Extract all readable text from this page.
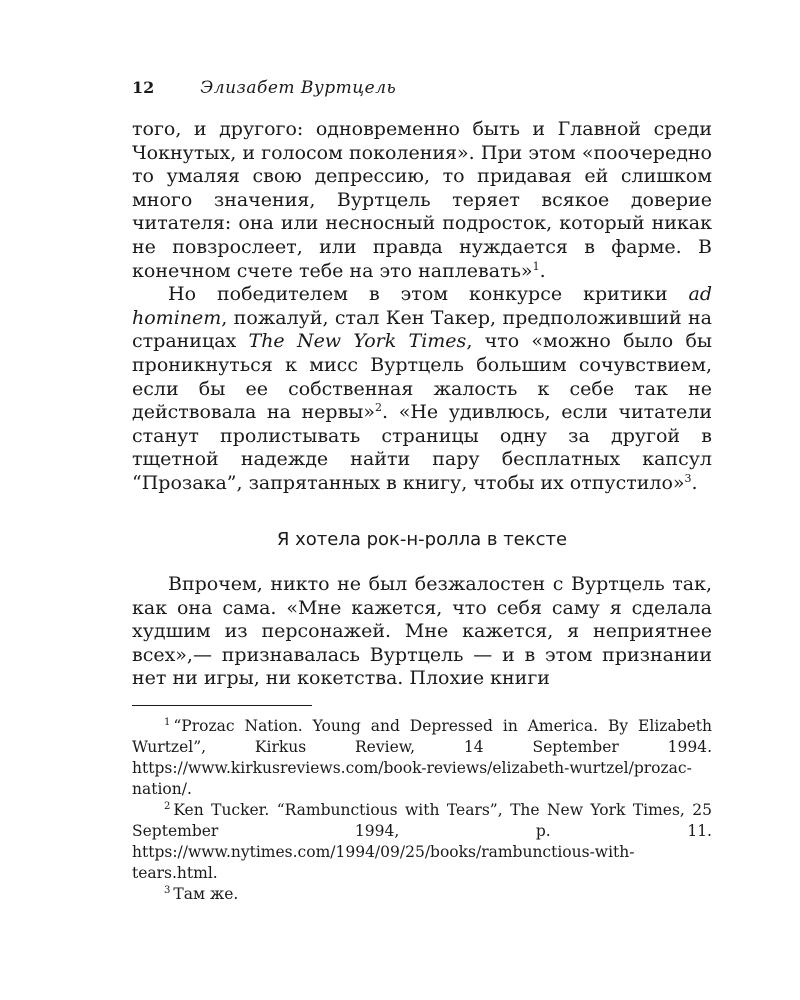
12	Элизабет Вуртцель

того, и другого: одновременно быть и Главной среди Чокнутых, и голосом поколения». При этом «поочередно то умаляя свою депрессию, то придавая ей слишком много значения, Вуртцель теряет всякое доверие читателя: она или несносный подросток, который никак не повзрослеет, или правда нуждается в фарме. В конечном счете тебе на это наплевать»$^1$.

Но победителем в этом конкурсе критики ad hominem, пожалуй, стал Кен Такер, предположивший на страницах The New York Times, что «можно было бы проникнуться к мисс Вуртцель большим сочувствием, если бы ее собственная жалость к себе так не действовала на нервы»$^2$. «Не удивлюсь, если читатели станут пролистывать страницы одну за другой в тщетной надежде найти пару бесплатных капсул “Прозака”, запрятанных в книгу, чтобы их отпустило»$^3$.

Я хотела рок-н-ролла в тексте

Впрочем, никто не был безжалостен с Вуртцель так, как она сама. «Мне кажется, что себя саму я сделала худшим из персонажей. Мне кажется, я неприятнее всех»,— признавалась Вуртцель — и в этом признании нет ни игры, ни кокетства. Плохие книги

$^1$ “Prozac Nation. Young and Depressed in America. By Elizabeth Wurtzel”, Kirkus Review, 14 September 1994. https://www.kirkusreviews.com/book-reviews/elizabeth-wurtzel/prozac-nation/.

$^2$ Ken Tucker. “Rambunctious with Tears”, The New York Times, 25 September 1994, p. 11. https://www.nytimes.com/1994/09/25/books/rambunctious-with-tears.html.

$^3$ Там же.
